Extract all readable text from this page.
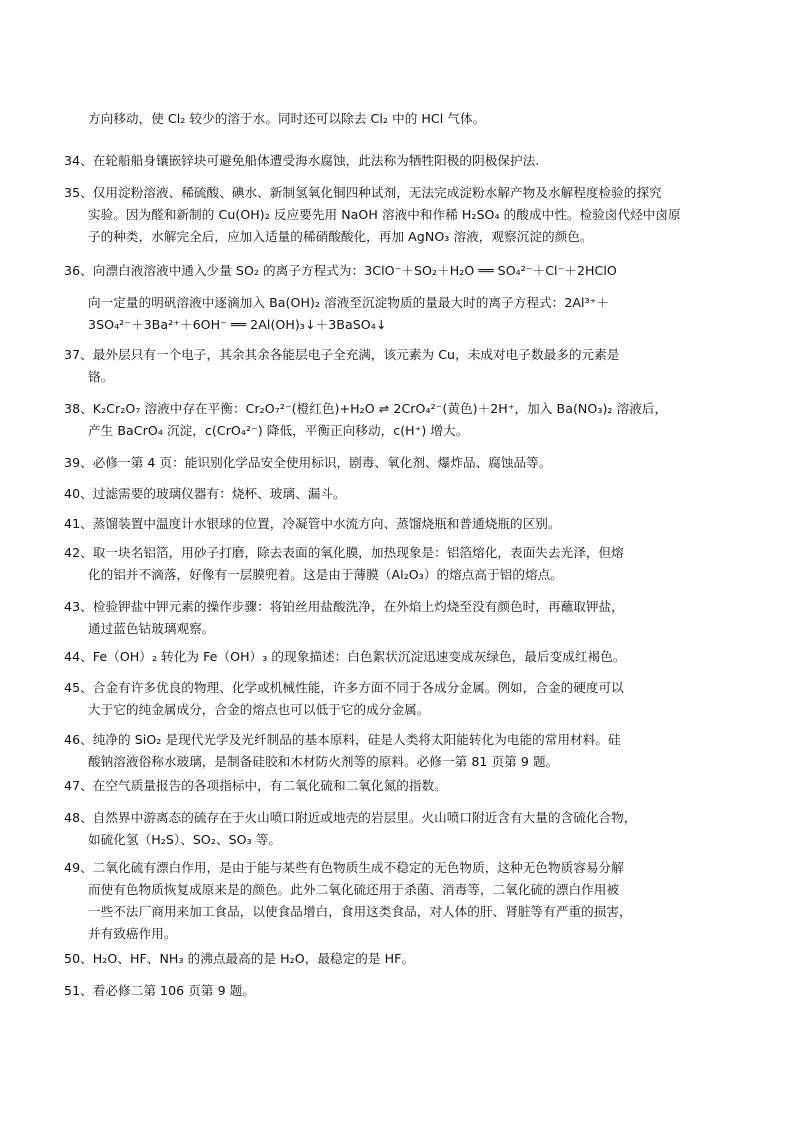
方向移动，使 Cl₂ 较少的溶于水。同时还可以除去 Cl₂ 中的 HCl 气体。
34、在轮船船身镶嵌锌块可避免船体遭受海水腐蚀，此法称为牺牲阳极的阴极保护法.
35、仅用淀粉溶液、稀硫酸、碘水、新制氢氧化铜四种试剂，无法完成淀粉水解产物及水解程度检验的探究
实验。因为醛和新制的 Cu(OH)₂ 反应要先用 NaOH 溶液中和作稀 H₂SO₄ 的酸成中性。检验卤代烃中卤原
子的种类，水解完全后，应加入适量的稀硝酸酸化，再加 AgNO₃ 溶液，观察沉淀的颜色。
36、向漂白液溶液中通入少量 SO₂ 的离子方程式为：3ClO⁻＋SO₂＋H₂O ══ SO₄²⁻＋Cl⁻＋2HClO
向一定量的明矾溶液中逐滴加入 Ba(OH)₂ 溶液至沉淀物质的量最大时的离子方程式：2Al³⁺＋
3SO₄²⁻＋3Ba²⁺＋6OH⁻ ══ 2Al(OH)₃↓＋3BaSO₄↓
37、最外层只有一个电子，其余其余各能层电子全充满，该元素为 Cu，未成对电子数最多的元素是
铬。
38、K₂Cr₂O₇ 溶液中存在平衡：Cr₂O₇²⁻(橙红色)+H₂O ⇌ 2CrO₄²⁻(黄色)＋2H⁺，加入 Ba(NO₃)₂ 溶液后，
产生 BaCrO₄ 沉淀，c(CrO₄²⁻) 降低，平衡正向移动，c(H⁺) 增大。
39、必修一第 4 页：能识别化学品安全使用标识，剧毒、氧化剂、爆炸品、腐蚀品等。
40、过滤需要的玻璃仪器有：烧杯、玻璃、漏斗。
41、蒸馏装置中温度计水银球的位置，冷凝管中水流方向、蒸馏烧瓶和普通烧瓶的区别。
42、取一块名铝箔，用砂子打磨，除去表面的氧化膜，加热现象是：铝箔熔化，表面失去光泽，但熔
化的铝并不滴落，好像有一层膜兜着。这是由于薄膜（Al₂O₃）的熔点高于铝的熔点。
43、检验钾盐中钾元素的操作步骤：将铂丝用盐酸洗净，在外焰上灼烧至没有颜色时，再蘸取钾盐，
通过蓝色钴玻璃观察。
44、Fe（OH）₂ 转化为 Fe（OH）₃ 的现象描述：白色絮状沉淀迅速变成灰绿色，最后变成红褐色。
45、合金有许多优良的物理、化学或机械性能，许多方面不同于各成分金属。例如，合金的硬度可以
大于它的纯金属成分，合金的熔点也可以低于它的成分金属。
46、纯净的 SiO₂ 是现代光学及光纤制品的基本原料，硅是人类将太阳能转化为电能的常用材料。硅
酸钠溶液俗称水玻璃，是制备硅胶和木材防火剂等的原料。必修一第 81 页第 9 题。
47、在空气质量报告的各项指标中，有二氧化硫和二氧化氮的指数。
48、自然界中游离态的硫存在于火山喷口附近或地壳的岩层里。火山喷口附近含有大量的含硫化合物，
如硫化氢（H₂S）、SO₂、SO₃ 等。
49、二氧化硫有漂白作用，是由于能与某些有色物质生成不稳定的无色物质，这种无色物质容易分解
而使有色物质恢复成原来是的颜色。此外二氧化硫还用于杀菌、消毒等，二氧化硫的漂白作用被
一些不法厂商用来加工食品，以使食品增白，食用这类食品，对人体的肝、肾脏等有严重的损害，
并有致癌作用。
50、H₂O、HF、NH₃ 的沸点最高的是 H₂O，最稳定的是 HF。
51、看必修二第 106 页第 9 题。
